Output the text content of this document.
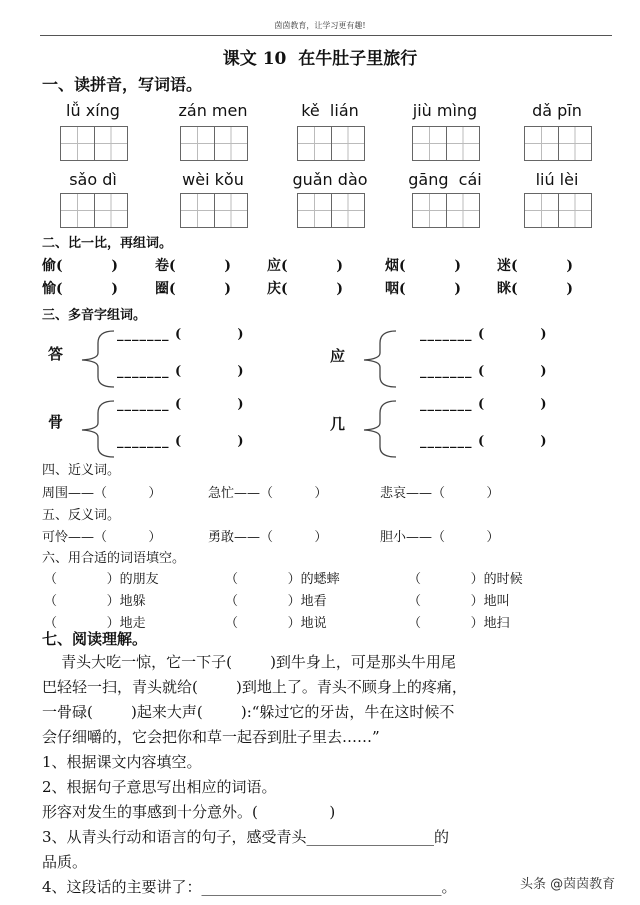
茵茵教育，让学习更有趣!
课文 10  在牛肚子里旅行
一、读拼音，写词语。
lǚ xíng	zán men	kě  lián	jiù mìng	dǎ pīn
sǎo dì	wèi kǒu	guǎn dào	gāng  cái	liú lèi
二、比一比，再组词。
偷(          )	卷(          )	应(          )	烟(          )	迷(          )
愉(          )	圈(          )	庆(          )	咽(          )	眯(          )
三、多音字组词。
答
_______ (          )
_______ (          )
应
_______ (          )
_______ (          )
骨
_______ (          )
_______ (          )
几
_______ (          )
_______ (          )
四、近义词。
周围——（          ）	急忙——（          ）	悲哀——（          ）
五、反义词。
可怜——（          ）	勇敢——（          ）	胆小——（          ）
六、用合适的词语填空。
（            ）的朋友	（            ）的蟋蟀	（            ）的时候
（            ）地躲	（            ）地看	（            ）地叫
（            ）地走	（            ）地说	（            ）地扫
七、阅读理解。
青头大吃一惊，它一下子(        )到牛身上，可是那头牛用尾
巴轻轻一扫，青头就给(        )到地上了。青头不顾身上的疼痛，
一骨碌(        )起来大声(        ):“躲过它的牙齿，牛在这时候不
会仔细嚼的，它会把你和草一起吞到肚子里去……”
1、根据课文内容填空。
2、根据句子意思写出相应的词语。
形容对发生的事感到十分意外。(               )
3、从青头行动和语言的句子，感受青头_________________的
品质。
4、这段话的主要讲了：________________________________。	头条 @茵茵教育
